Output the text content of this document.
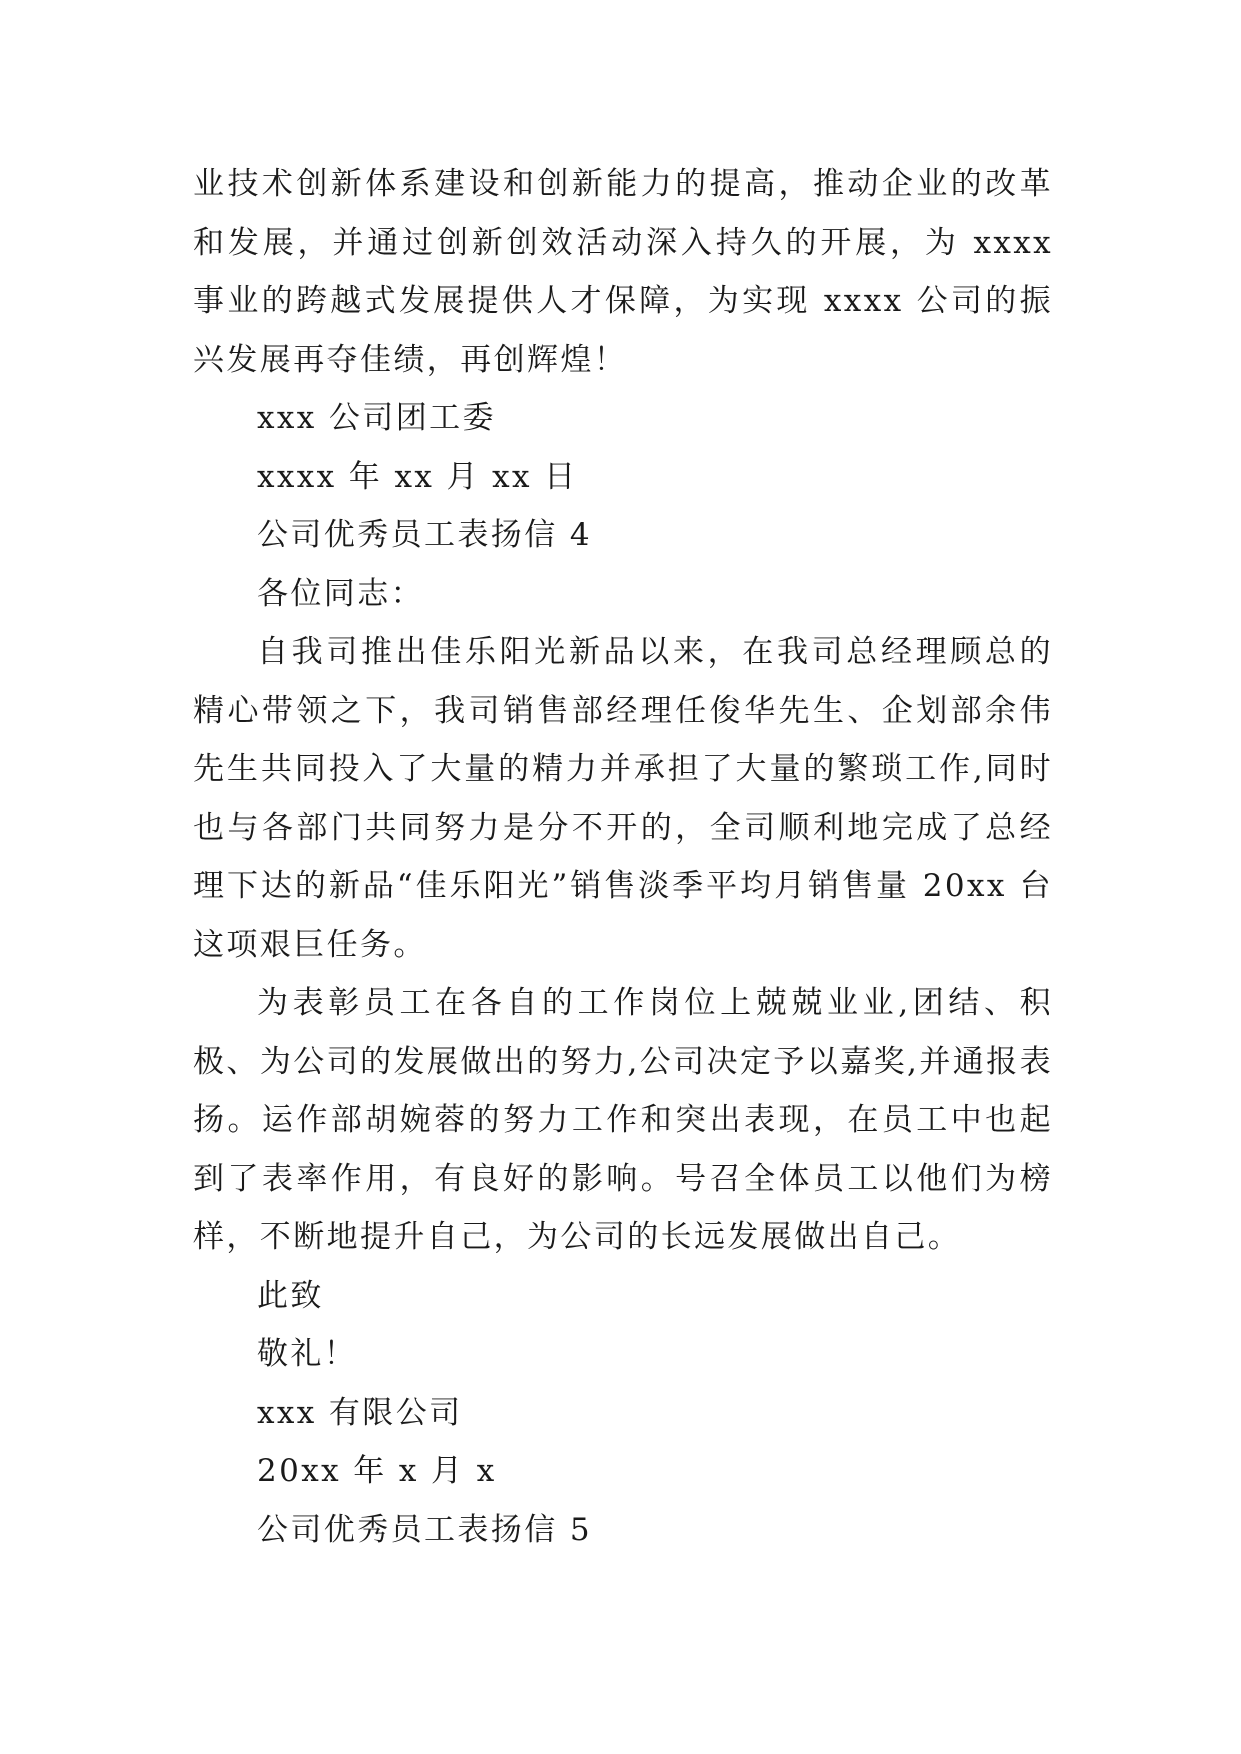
业技术创新体系建设和创新能力的提高，推动企业的改革和发展，并通过创新创效活动深入持久的开展，为 xxxx 事业的跨越式发展提供人才保障，为实现 xxxx 公司的振兴发展再夺佳绩，再创辉煌！

xxx 公司团工委

xxxx 年 xx 月 xx 日

公司优秀员工表扬信 4

各位同志：

自我司推出佳乐阳光新品以来，在我司总经理顾总的精心带领之下，我司销售部经理任俊华先生、企划部余伟先生共同投入了大量的精力并承担了大量的繁琐工作,同时也与各部门共同努力是分不开的，全司顺利地完成了总经理下达的新品“佳乐阳光”销售淡季平均月销售量 20xx 台这项艰巨任务。

为表彰员工在各自的工作岗位上兢兢业业,团结、积极、为公司的发展做出的努力,公司决定予以嘉奖,并通报表扬。运作部胡婉蓉的努力工作和突出表现，在员工中也起到了表率作用，有良好的影响。号召全体员工以他们为榜样，不断地提升自己，为公司的长远发展做出自己。

此致

敬礼！

xxx 有限公司

20xx 年 x 月 x

公司优秀员工表扬信 5
